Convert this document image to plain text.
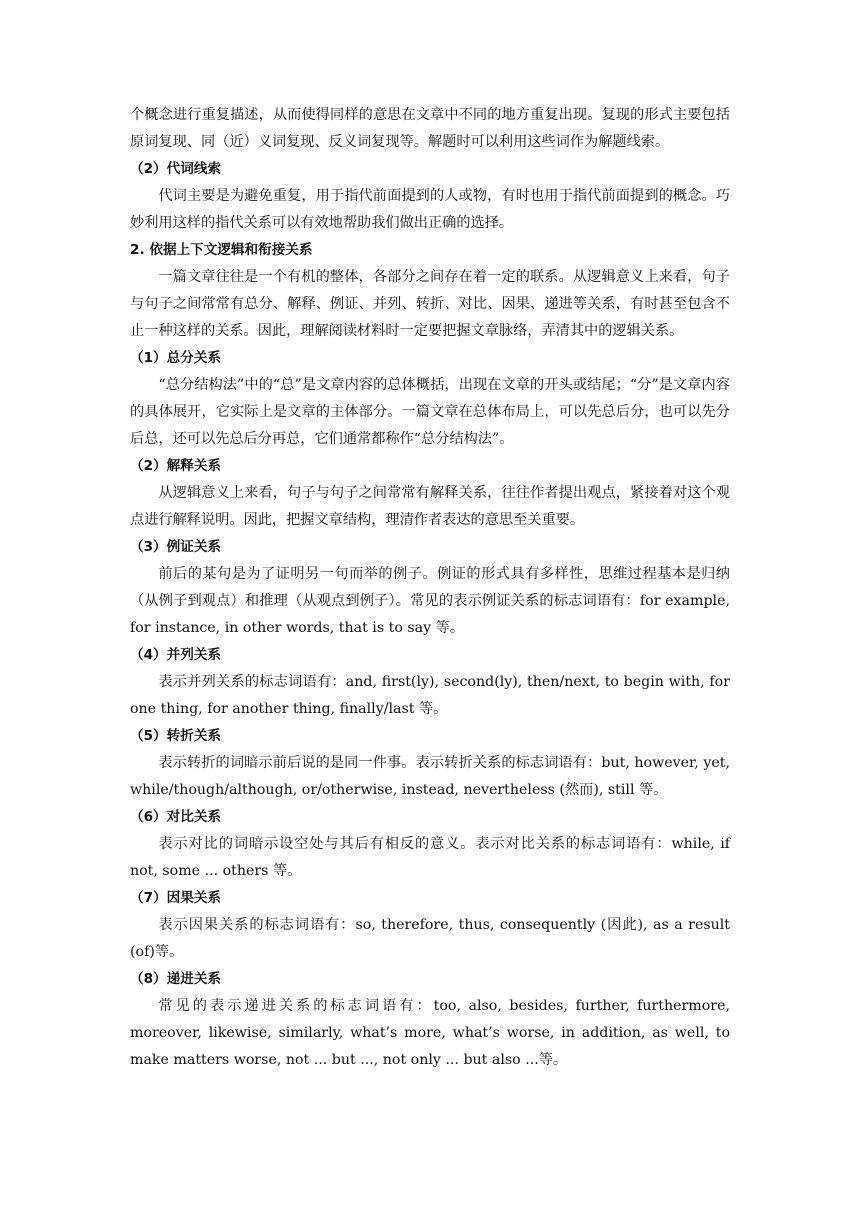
个概念进行重复描述，从而使得同样的意思在文章中不同的地方重复出现。复现的形式主要包括原词复现、同（近）义词复现、反义词复现等。解题时可以利用这些词作为解题线索。

（2）代词线索

代词主要是为避免重复，用于指代前面提到的人或物，有时也用于指代前面提到的概念。巧妙利用这样的指代关系可以有效地帮助我们做出正确的选择。

2. 依据上下文逻辑和衔接关系

一篇文章往往是一个有机的整体，各部分之间存在着一定的联系。从逻辑意义上来看，句子与句子之间常常有总分、解释、例证、并列、转折、对比、因果、递进等关系，有时甚至包含不止一种这样的关系。因此，理解阅读材料时一定要把握文章脉络，弄清其中的逻辑关系。

（1）总分关系

“总分结构法”中的“总”是文章内容的总体概括，出现在文章的开头或结尾；“分”是文章内容的具体展开，它实际上是文章的主体部分。一篇文章在总体布局上，可以先总后分，也可以先分后总，还可以先总后分再总，它们通常都称作“总分结构法”。

（2）解释关系

从逻辑意义上来看，句子与句子之间常常有解释关系，往往作者提出观点，紧接着对这个观点进行解释说明。因此，把握文章结构，理清作者表达的意思至关重要。

（3）例证关系

前后的某句是为了证明另一句而举的例子。例证的形式具有多样性，思维过程基本是归纳（从例子到观点）和推理（从观点到例子）。常见的表示例证关系的标志词语有：for example, for instance, in other words, that is to say 等。

（4）并列关系

表示并列关系的标志词语有：and, first(ly), second(ly), then/next, to begin with, for one thing, for another thing, finally/last 等。

（5）转折关系

表示转折的词暗示前后说的是同一件事。表示转折关系的标志词语有：but, however, yet, while/though/although, or/otherwise, instead, nevertheless (然而), still 等。

（6）对比关系

表示对比的词暗示设空处与其后有相反的意义。表示对比关系的标志词语有：while, if not, some ... others 等。

（7）因果关系

表示因果关系的标志词语有：so, therefore, thus, consequently (因此), as a result (of)等。

（8）递进关系

常见的表示递进关系的标志词语有：too, also, besides, further, furthermore, moreover, likewise, similarly, what’s more, what’s worse, in addition, as well, to make matters worse, not ... but ..., not only ... but also ...等。
